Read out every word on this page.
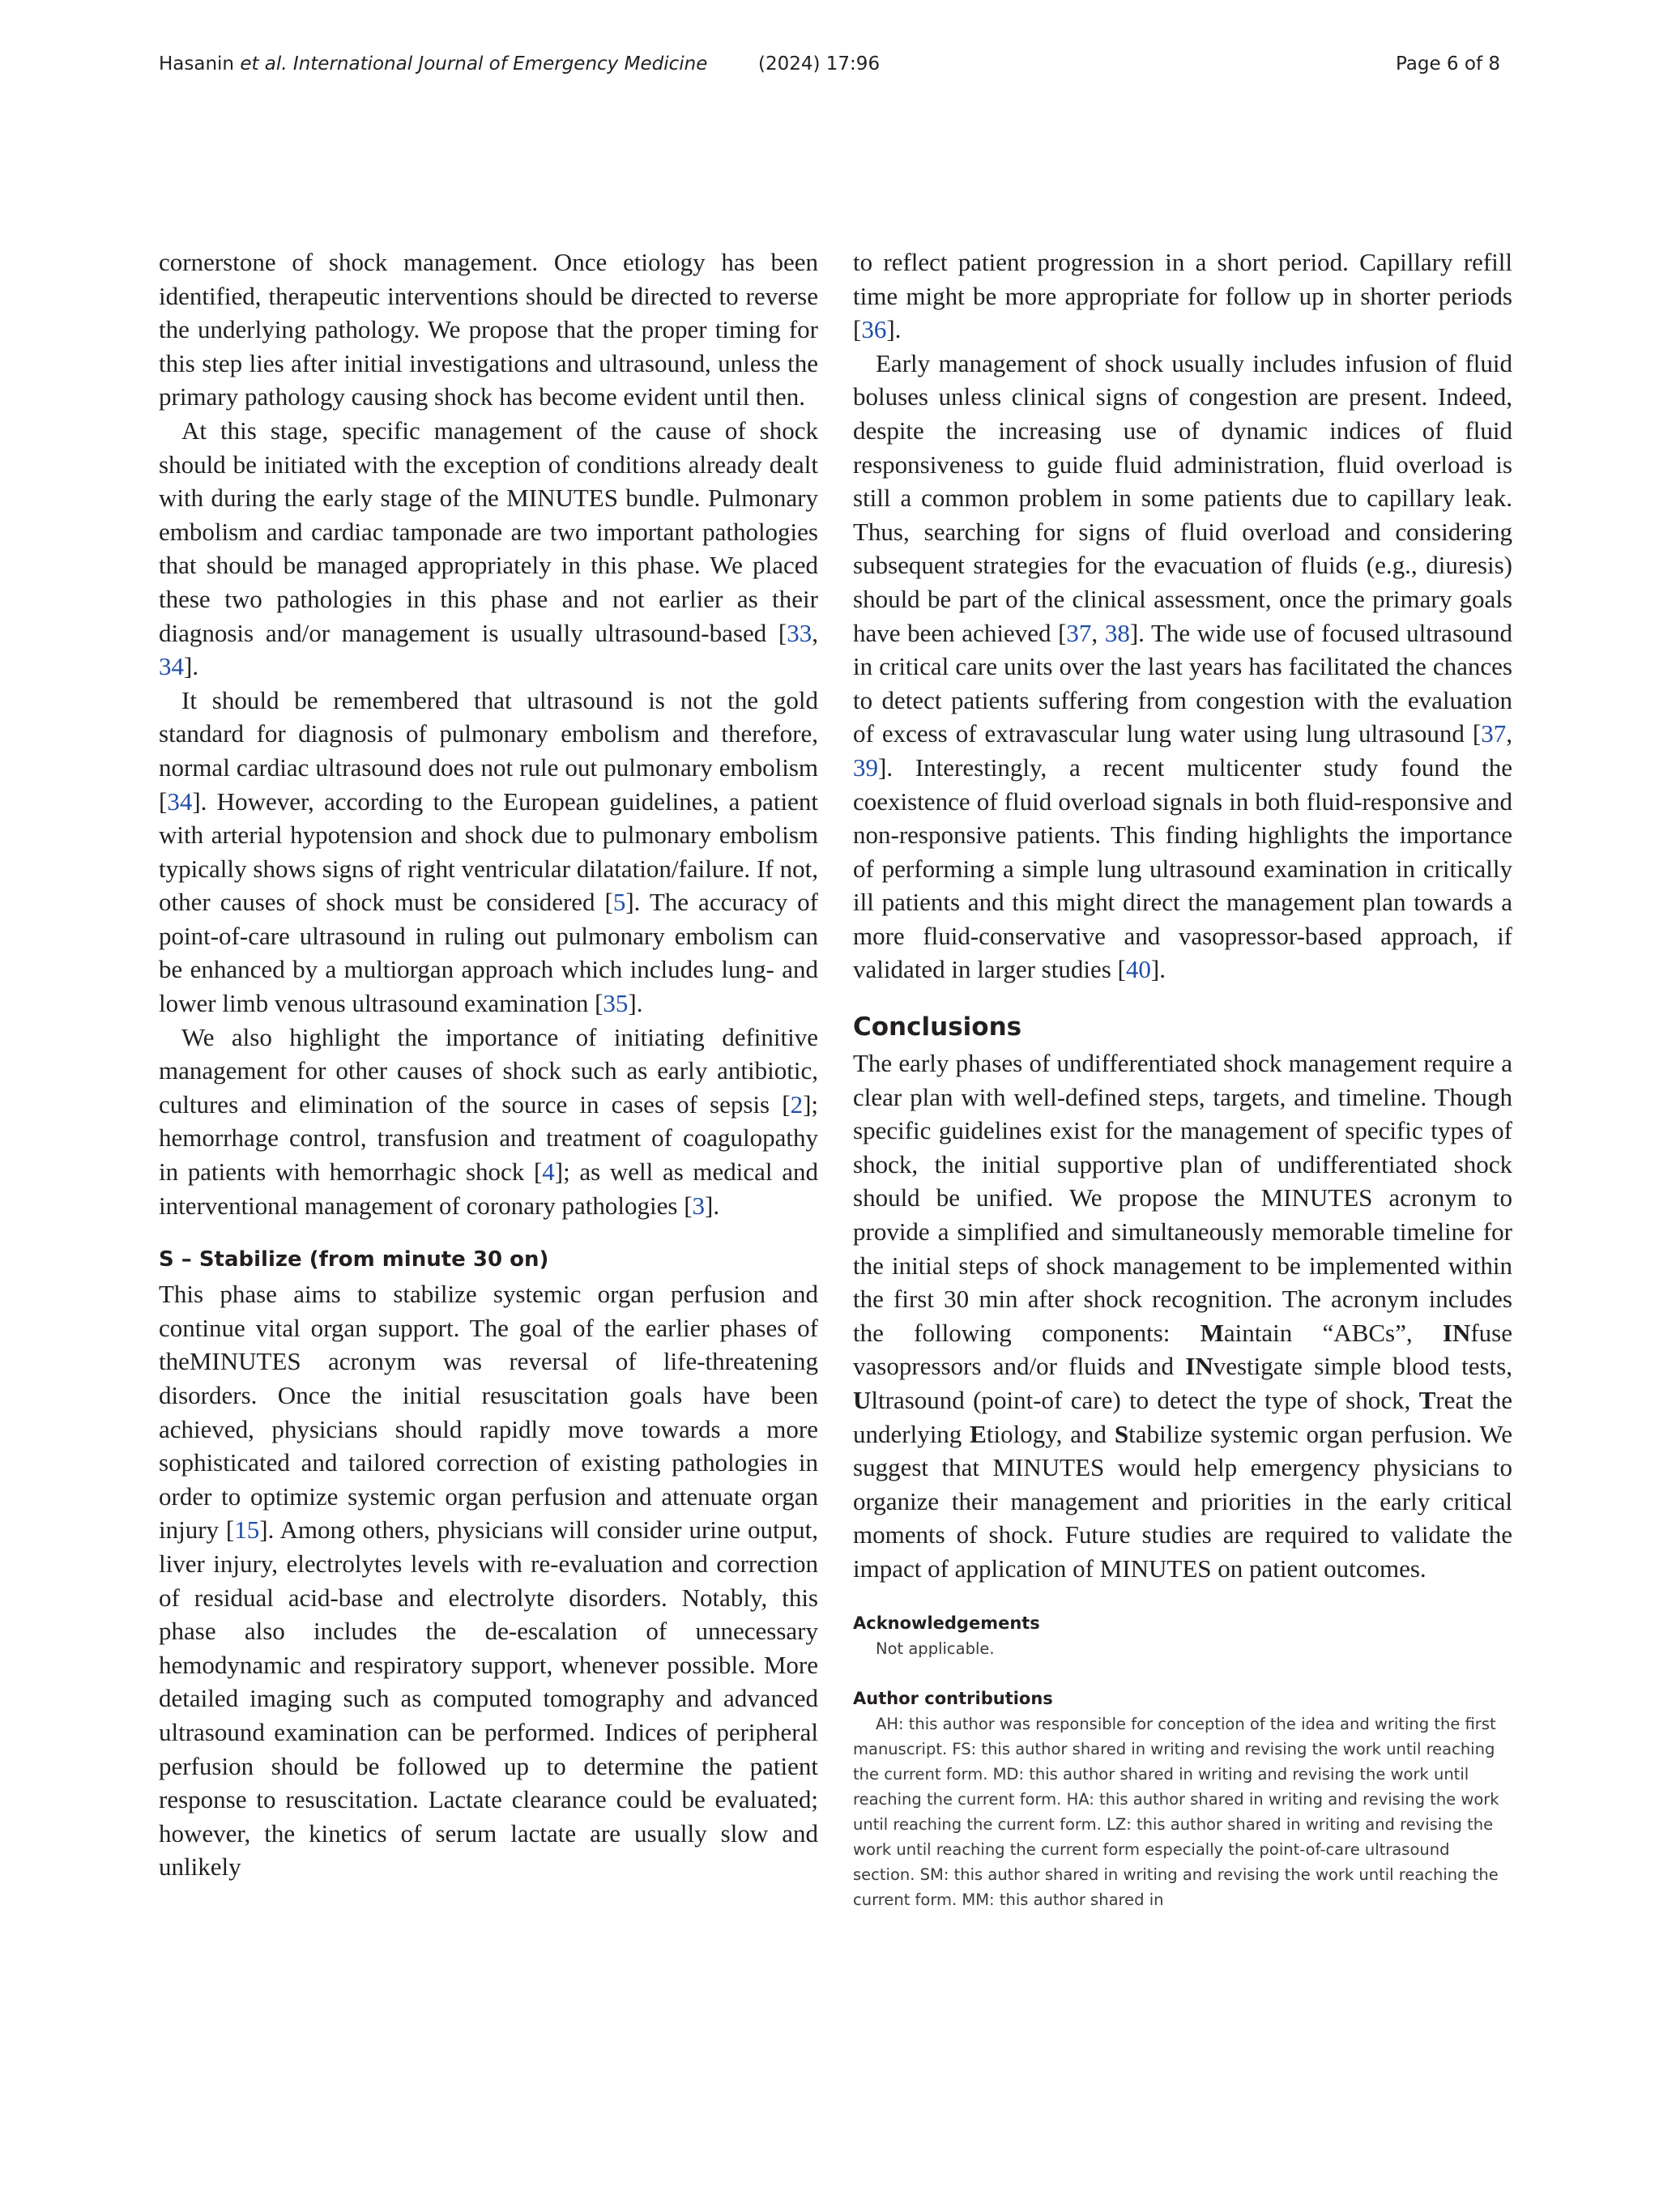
Hasanin et al. International Journal of Emergency Medicine	(2024) 17:96	Page 6 of 8

cornerstone of shock management. Once etiology has been identified, therapeutic interventions should be directed to reverse the underlying pathology. We propose that the proper timing for this step lies after initial investigations and ultrasound, unless the primary pathology causing shock has become evident until then.

At this stage, specific management of the cause of shock should be initiated with the exception of conditions already dealt with during the early stage of the MINUTES bundle. Pulmonary embolism and cardiac tamponade are two important pathologies that should be managed appropriately in this phase. We placed these two pathologies in this phase and not earlier as their diagnosis and/or management is usually ultrasound-based [33, 34].

It should be remembered that ultrasound is not the gold standard for diagnosis of pulmonary embolism and therefore, normal cardiac ultrasound does not rule out pulmonary embolism [34]. However, according to the European guidelines, a patient with arterial hypotension and shock due to pulmonary embolism typically shows signs of right ventricular dilatation/failure. If not, other causes of shock must be considered [5]. The accuracy of point-of-care ultrasound in ruling out pulmonary embolism can be enhanced by a multiorgan approach which includes lung- and lower limb venous ultrasound examination [35].

We also highlight the importance of initiating definitive management for other causes of shock such as early antibiotic, cultures and elimination of the source in cases of sepsis [2]; hemorrhage control, transfusion and treatment of coagulopathy in patients with hemorrhagic shock [4]; as well as medical and interventional management of coronary pathologies [3].

S – Stabilize (from minute 30 on)

This phase aims to stabilize systemic organ perfusion and continue vital organ support. The goal of the earlier phases of theMINUTES acronym was reversal of life-threatening disorders. Once the initial resuscitation goals have been achieved, physicians should rapidly move towards a more sophisticated and tailored correction of existing pathologies in order to optimize systemic organ perfusion and attenuate organ injury [15]. Among others, physicians will consider urine output, liver injury, electrolytes levels with re-evaluation and correction of residual acid-base and electrolyte disorders. Notably, this phase also includes the de-escalation of unnecessary hemodynamic and respiratory support, whenever possible. More detailed imaging such as computed tomography and advanced ultrasound examination can be performed. Indices of peripheral perfusion should be followed up to determine the patient response to resuscitation. Lactate clearance could be evaluated; however, the kinetics of serum lactate are usually slow and unlikely

to reflect patient progression in a short period. Capillary refill time might be more appropriate for follow up in shorter periods [36].

Early management of shock usually includes infusion of fluid boluses unless clinical signs of congestion are present. Indeed, despite the increasing use of dynamic indices of fluid responsiveness to guide fluid administration, fluid overload is still a common problem in some patients due to capillary leak. Thus, searching for signs of fluid overload and considering subsequent strategies for the evacuation of fluids (e.g., diuresis) should be part of the clinical assessment, once the primary goals have been achieved [37, 38]. The wide use of focused ultrasound in critical care units over the last years has facilitated the chances to detect patients suffering from congestion with the evaluation of excess of extravascular lung water using lung ultrasound [37, 39]. Interestingly, a recent multicenter study found the coexistence of fluid overload signals in both fluid-responsive and non-responsive patients. This finding highlights the importance of performing a simple lung ultrasound examination in critically ill patients and this might direct the management plan towards a more fluid-conservative and vasopressor-based approach, if validated in larger studies [40].

Conclusions

The early phases of undifferentiated shock management require a clear plan with well-defined steps, targets, and timeline. Though specific guidelines exist for the management of specific types of shock, the initial supportive plan of undifferentiated shock should be unified. We propose the MINUTES acronym to provide a simplified and simultaneously memorable timeline for the initial steps of shock management to be implemented within the first 30 min after shock recognition. The acronym includes the following components: Maintain “ABCs”, INfuse vasopressors and/or fluids and INvestigate simple blood tests, Ultrasound (point-of care) to detect the type of shock, Treat the underlying Etiology, and Stabilize systemic organ perfusion. We suggest that MINUTES would help emergency physicians to organize their management and priorities in the early critical moments of shock. Future studies are required to validate the impact of application of MINUTES on patient outcomes.

Acknowledgements

Not applicable.

Author contributions

AH: this author was responsible for conception of the idea and writing the first manuscript. FS: this author shared in writing and revising the work until reaching the current form. MD: this author shared in writing and revising the work until reaching the current form. HA: this author shared in writing and revising the work until reaching the current form. LZ: this author shared in writing and revising the work until reaching the current form especially the point-of-care ultrasound section. SM: this author shared in writing and revising the work until reaching the current form. MM: this author shared in
